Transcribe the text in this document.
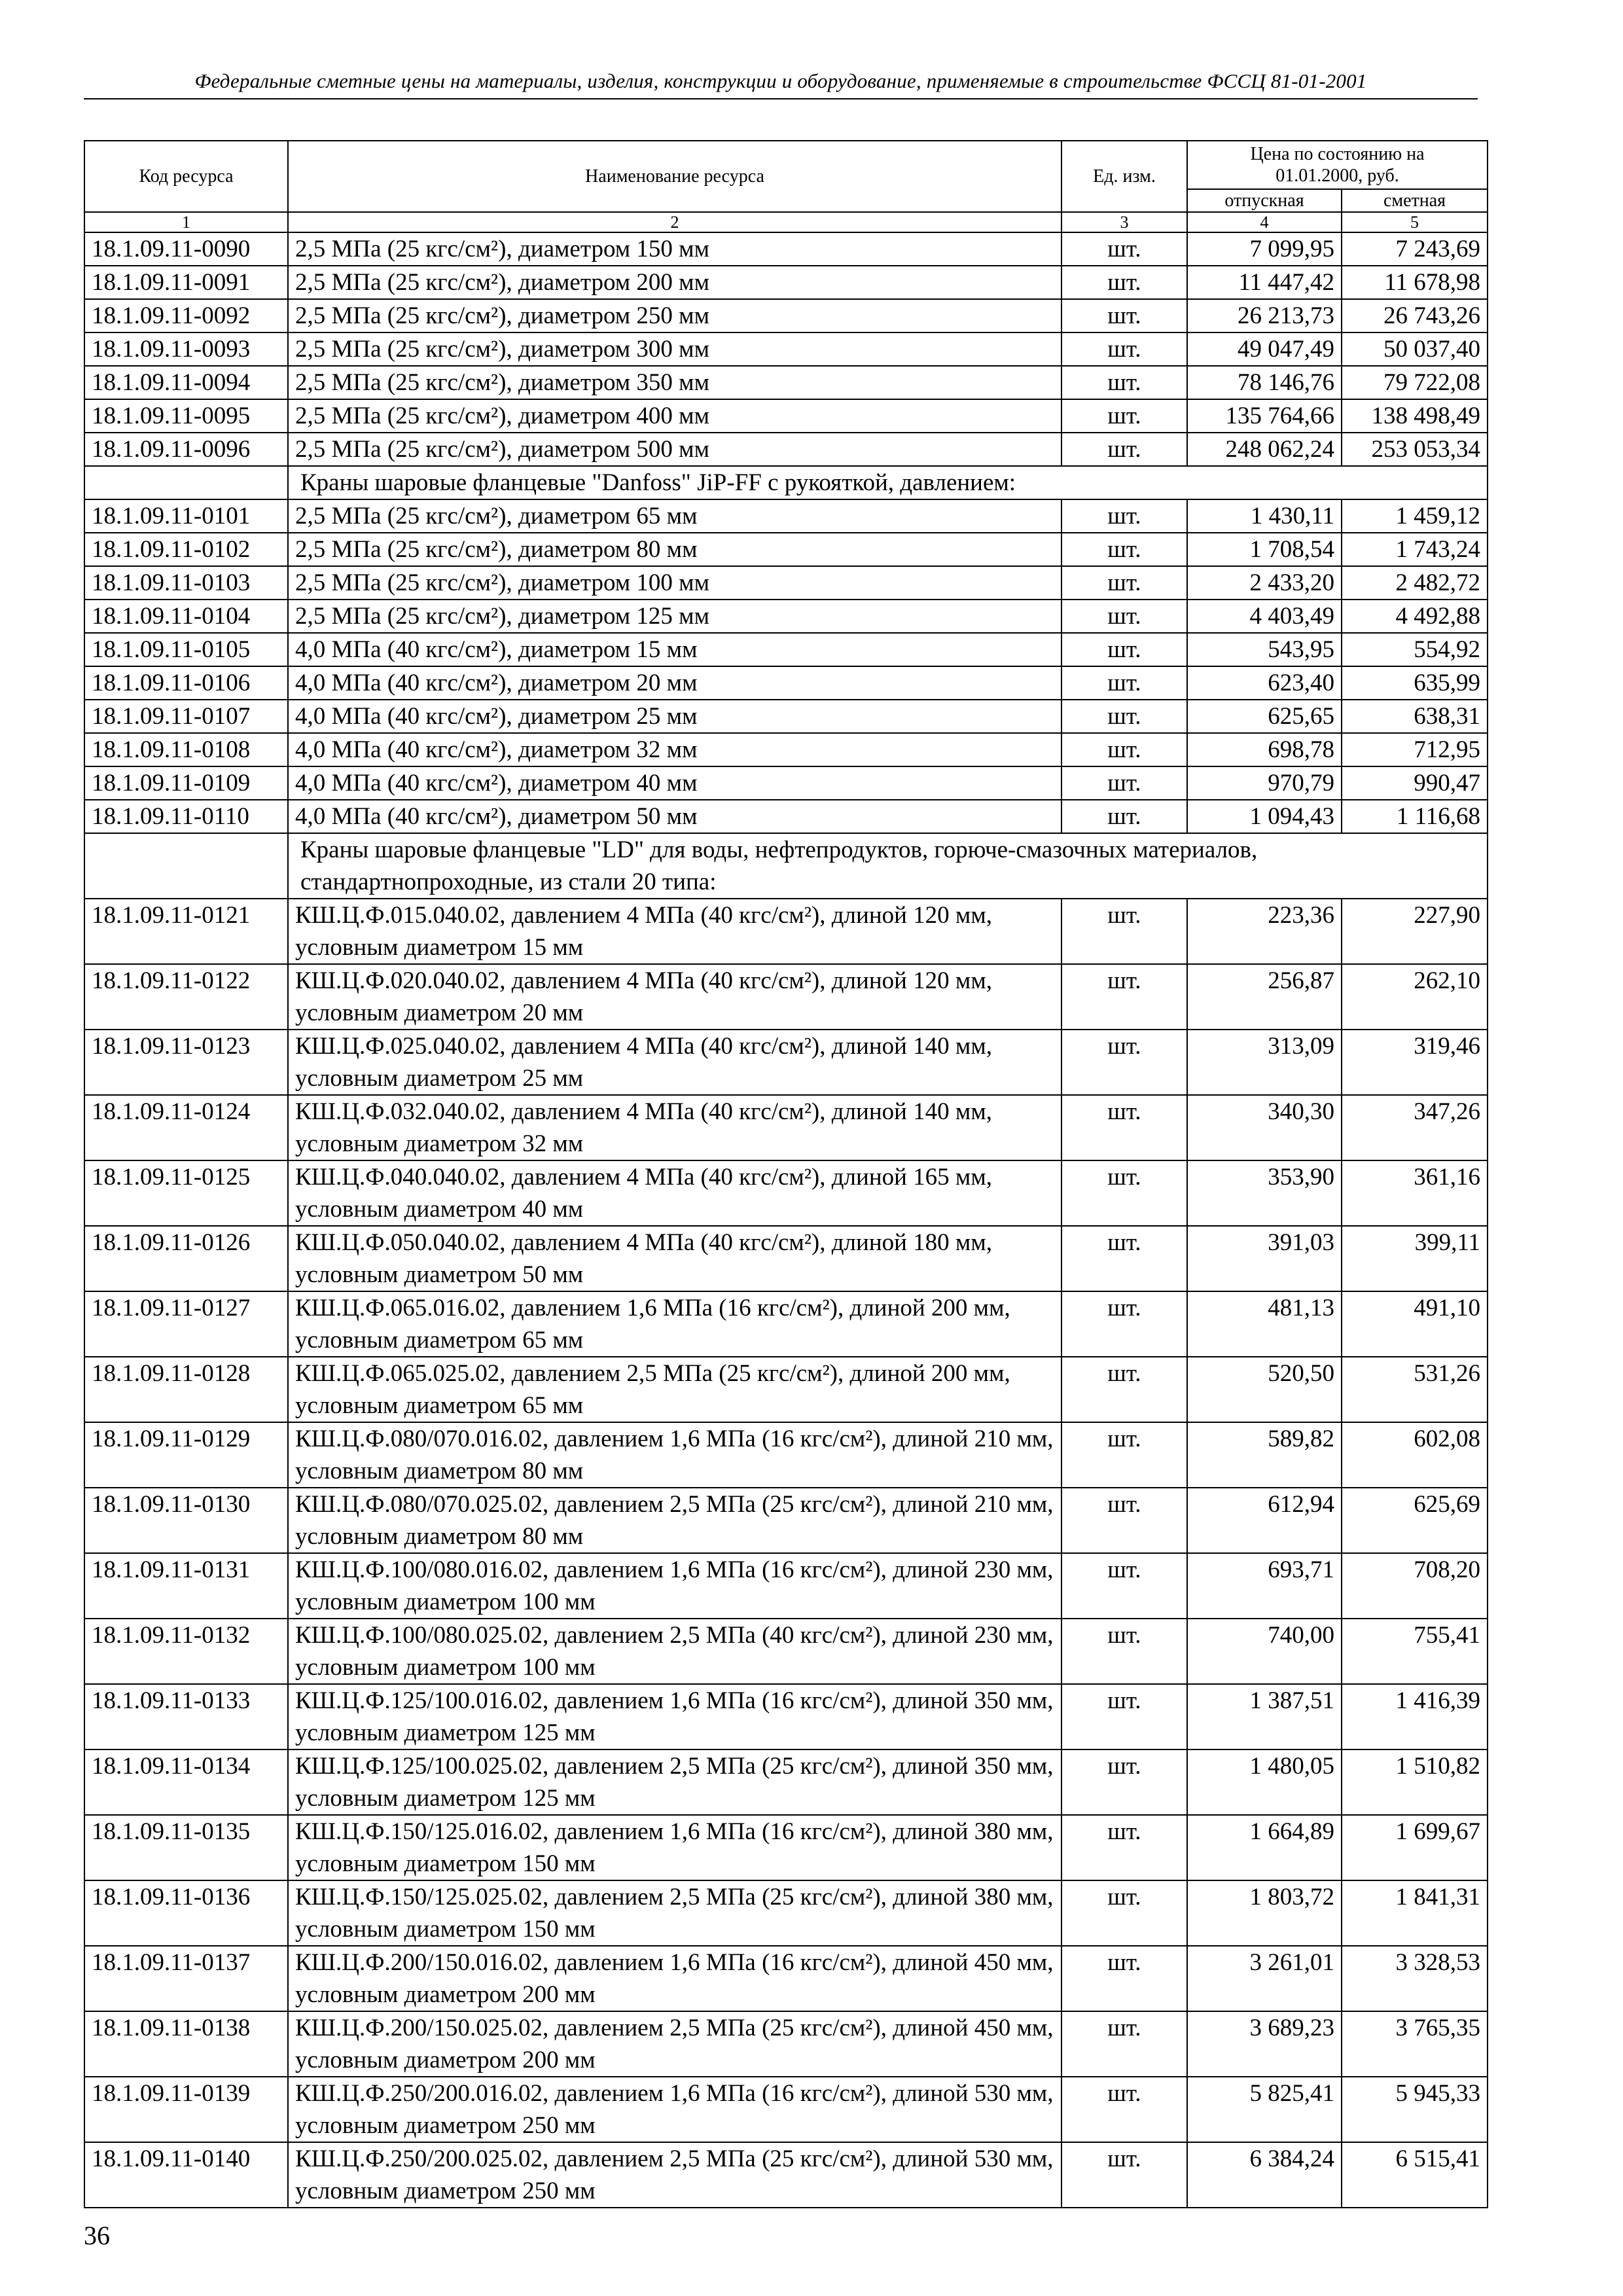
Федеральные сметные цены на материалы, изделия, конструкции и оборудование, применяемые в строительстве ФССЦ 81-01-2001
Код ресурса	Наименование ресурса	Ед. изм.	Цена по состоянию на 01.01.2000, руб.	
			отпускная	сметная
1	2	3	4	5
18.1.09.11-0090	2,5 МПа (25 кгс/см²), диаметром 150 мм	шт.	7 099,95	7 243,69
18.1.09.11-0091	2,5 МПа (25 кгс/см²), диаметром 200 мм	шт.	11 447,42	11 678,98
18.1.09.11-0092	2,5 МПа (25 кгс/см²), диаметром 250 мм	шт.	26 213,73	26 743,26
18.1.09.11-0093	2,5 МПа (25 кгс/см²), диаметром 300 мм	шт.	49 047,49	50 037,40
18.1.09.11-0094	2,5 МПа (25 кгс/см²), диаметром 350 мм	шт.	78 146,76	79 722,08
18.1.09.11-0095	2,5 МПа (25 кгс/см²), диаметром 400 мм	шт.	135 764,66	138 498,49
18.1.09.11-0096	2,5 МПа (25 кгс/см²), диаметром 500 мм	шт.	248 062,24	253 053,34
	Краны шаровые фланцевые "Danfoss" JiP-FF с рукояткой, давлением:			
18.1.09.11-0101	2,5 МПа (25 кгс/см²), диаметром 65 мм	шт.	1 430,11	1 459,12
18.1.09.11-0102	2,5 МПа (25 кгс/см²), диаметром 80 мм	шт.	1 708,54	1 743,24
18.1.09.11-0103	2,5 МПа (25 кгс/см²), диаметром 100 мм	шт.	2 433,20	2 482,72
18.1.09.11-0104	2,5 МПа (25 кгс/см²), диаметром 125 мм	шт.	4 403,49	4 492,88
18.1.09.11-0105	4,0 МПа (40 кгс/см²), диаметром 15 мм	шт.	543,95	554,92
18.1.09.11-0106	4,0 МПа (40 кгс/см²), диаметром 20 мм	шт.	623,40	635,99
18.1.09.11-0107	4,0 МПа (40 кгс/см²), диаметром 25 мм	шт.	625,65	638,31
18.1.09.11-0108	4,0 МПа (40 кгс/см²), диаметром 32 мм	шт.	698,78	712,95
18.1.09.11-0109	4,0 МПа (40 кгс/см²), диаметром 40 мм	шт.	970,79	990,47
18.1.09.11-0110	4,0 МПа (40 кгс/см²), диаметром 50 мм	шт.	1 094,43	1 116,68
	Краны шаровые фланцевые "LD" для воды, нефтепродуктов, горюче-смазочных материалов, стандартнопроходные, из стали 20 типа:			
18.1.09.11-0121	КШ.Ц.Ф.015.040.02, давлением 4 МПа (40 кгс/см²), длиной 120 мм, условным диаметром 15 мм	шт.	223,36	227,90
18.1.09.11-0122	КШ.Ц.Ф.020.040.02, давлением 4 МПа (40 кгс/см²), длиной 120 мм, условным диаметром 20 мм	шт.	256,87	262,10
18.1.09.11-0123	КШ.Ц.Ф.025.040.02, давлением 4 МПа (40 кгс/см²), длиной 140 мм, условным диаметром 25 мм	шт.	313,09	319,46
18.1.09.11-0124	КШ.Ц.Ф.032.040.02, давлением 4 МПа (40 кгс/см²), длиной 140 мм, условным диаметром 32 мм	шт.	340,30	347,26
18.1.09.11-0125	КШ.Ц.Ф.040.040.02, давлением 4 МПа (40 кгс/см²), длиной 165 мм, условным диаметром 40 мм	шт.	353,90	361,16
18.1.09.11-0126	КШ.Ц.Ф.050.040.02, давлением 4 МПа (40 кгс/см²), длиной 180 мм, условным диаметром 50 мм	шт.	391,03	399,11
18.1.09.11-0127	КШ.Ц.Ф.065.016.02, давлением 1,6 МПа (16 кгс/см²), длиной 200 мм, условным диаметром 65 мм	шт.	481,13	491,10
18.1.09.11-0128	КШ.Ц.Ф.065.025.02, давлением 2,5 МПа (25 кгс/см²), длиной 200 мм, условным диаметром 65 мм	шт.	520,50	531,26
18.1.09.11-0129	КШ.Ц.Ф.080/070.016.02, давлением 1,6 МПа (16 кгс/см²), длиной 210 мм, условным диаметром 80 мм	шт.	589,82	602,08
18.1.09.11-0130	КШ.Ц.Ф.080/070.025.02, давлением 2,5 МПа (25 кгс/см²), длиной 210 мм, условным диаметром 80 мм	шт.	612,94	625,69
18.1.09.11-0131	КШ.Ц.Ф.100/080.016.02, давлением 1,6 МПа (16 кгс/см²), длиной 230 мм, условным диаметром 100 мм	шт.	693,71	708,20
18.1.09.11-0132	КШ.Ц.Ф.100/080.025.02, давлением 2,5 МПа (40 кгс/см²), длиной 230 мм, условным диаметром 100 мм	шт.	740,00	755,41
18.1.09.11-0133	КШ.Ц.Ф.125/100.016.02, давлением 1,6 МПа (16 кгс/см²), длиной 350 мм, условным диаметром 125 мм	шт.	1 387,51	1 416,39
18.1.09.11-0134	КШ.Ц.Ф.125/100.025.02, давлением 2,5 МПа (25 кгс/см²), длиной 350 мм, условным диаметром 125 мм	шт.	1 480,05	1 510,82
18.1.09.11-0135	КШ.Ц.Ф.150/125.016.02, давлением 1,6 МПа (16 кгс/см²), длиной 380 мм, условным диаметром 150 мм	шт.	1 664,89	1 699,67
18.1.09.11-0136	КШ.Ц.Ф.150/125.025.02, давлением 2,5 МПа (25 кгс/см²), длиной 380 мм, условным диаметром 150 мм	шт.	1 803,72	1 841,31
18.1.09.11-0137	КШ.Ц.Ф.200/150.016.02, давлением 1,6 МПа (16 кгс/см²), длиной 450 мм, условным диаметром 200 мм	шт.	3 261,01	3 328,53
18.1.09.11-0138	КШ.Ц.Ф.200/150.025.02, давлением 2,5 МПа (25 кгс/см²), длиной 450 мм, условным диаметром 200 мм	шт.	3 689,23	3 765,35
18.1.09.11-0139	КШ.Ц.Ф.250/200.016.02, давлением 1,6 МПа (16 кгс/см²), длиной 530 мм, условным диаметром 250 мм	шт.	5 825,41	5 945,33
18.1.09.11-0140	КШ.Ц.Ф.250/200.025.02, давлением 2,5 МПа (25 кгс/см²), длиной 530 мм, условным диаметром 250 мм	шт.	6 384,24	6 515,41
36
